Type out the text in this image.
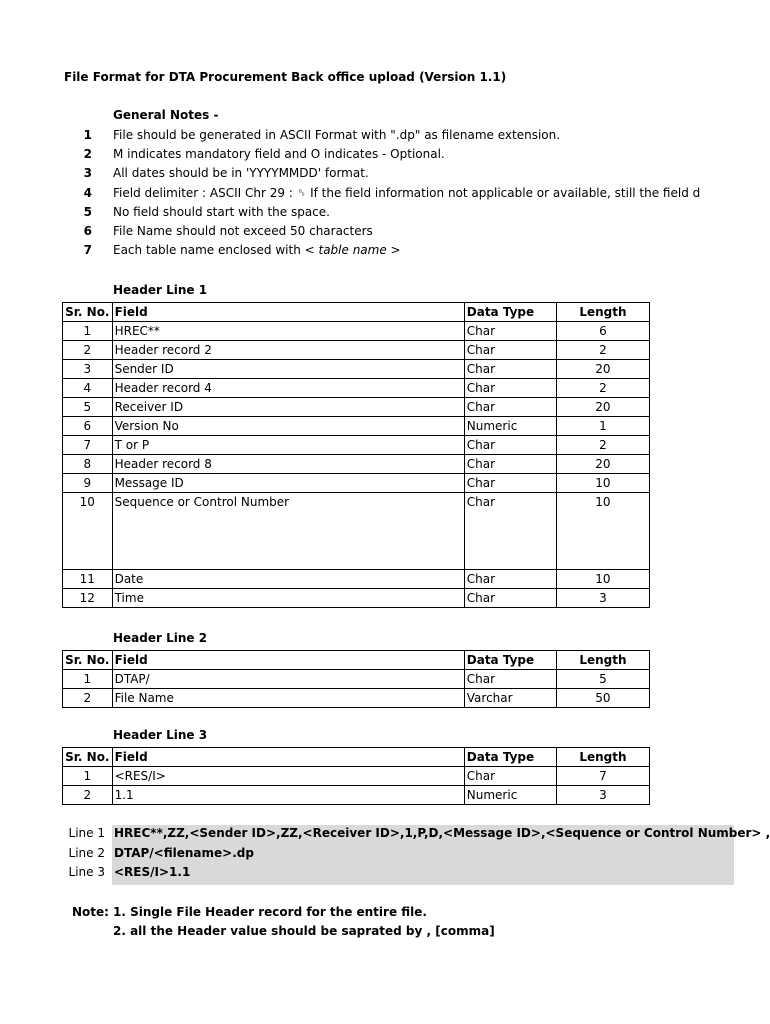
File Format for DTA Procurement Back office upload (Version 1.1)
General Notes -
1 File should be generated in ASCII Format with ".dp" as filename extension.
2 M indicates mandatory field and O indicates - Optional.
3 All dates should be in 'YYYYMMDD' format.
4 Field delimiter : ASCII Chr 29 : ␝ If the field information not applicable or available, still the field d
5 No field should start with the space.
6 File Name should not exceed 50 characters
7 Each table name enclosed with < table name >
Header Line 1
Sr. No.	Field	Data Type	Length
1	HREC**	Char	6
2	Header record 2	Char	2
3	Sender ID	Char	20
4	Header record 4	Char	2
5	Receiver ID	Char	20
6	Version No	Numeric	1
7	T or P	Char	2
8	Header record 8	Char	20
9	Message ID	Char	10
10	Sequence or Control Number	Char	10
11	Date	Char	10
12	Time	Char	3
Header Line 2
Sr. No.	Field	Data Type	Length
1	DTAP/	Char	5
2	File Name	Varchar	50
Header Line 3
Sr. No.	Field	Data Type	Length
1	<RES/I>	Char	7
2	1.1	Numeric	3
Line 1 HREC**,ZZ,<Sender ID>,ZZ,<Receiver ID>,1,P,D,<Message ID>,<Sequence or Control Number> ,
Line 2 DTAP/<filename>.dp
Line 3 <RES/I>1.1
Note: 1. Single File Header record for the entire file.
2. all the Header value should be saprated by , [comma]
